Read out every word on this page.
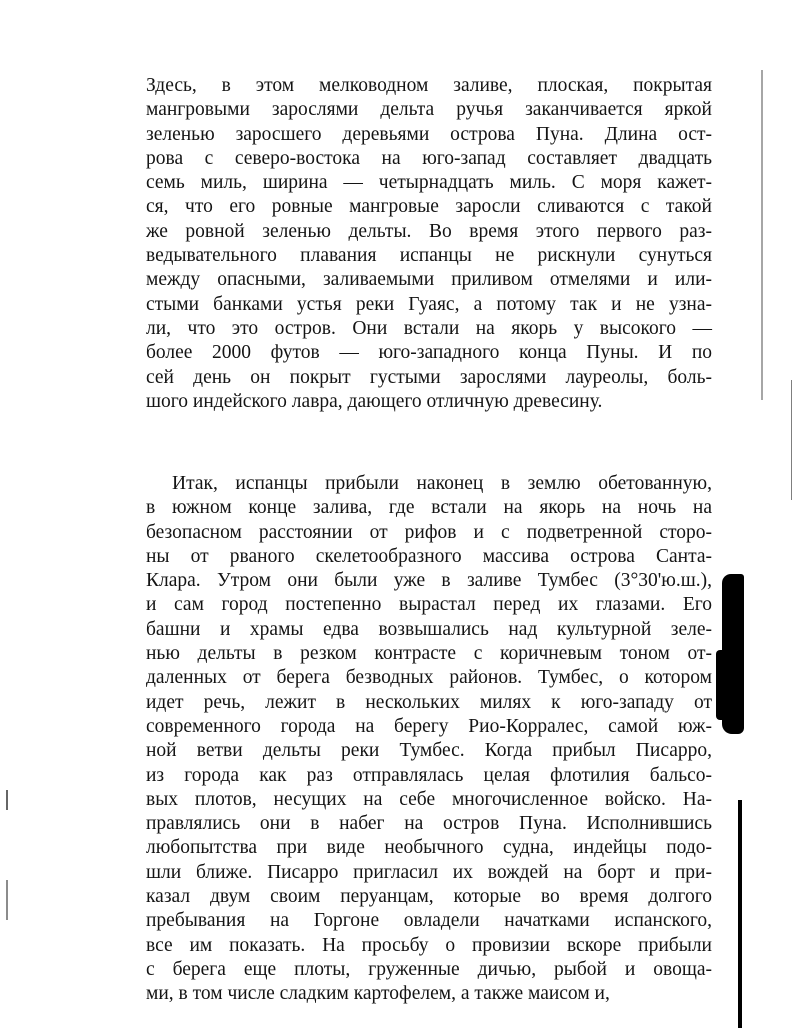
Здесь, в этом мелководном заливе, плоская, покрытая
мангровыми зарослями дельта ручья заканчивается яркой
зеленью заросшего деревьями острова Пуна. Длина ост-
рова с северо-востока на юго-запад составляет двадцать
семь миль, ширина — четырнадцать миль. С моря кажет-
ся, что его ровные мангровые заросли сливаются с такой
же ровной зеленью дельты. Во время этого первого раз-
ведывательного плавания испанцы не рискнули сунуться
между опасными, заливаемыми приливом отмелями и или-
стыми банками устья реки Гуаяс, а потому так и не узна-
ли, что это остров. Они встали на якорь у высокого —
более 2000 футов — юго-западного конца Пуны. И по
сей день он покрыт густыми зарослями лауреолы, боль-
шого индейского лавра, дающего отличную древесину.
Итак, испанцы прибыли наконец в землю обетованную,
в южном конце залива, где встали на якорь на ночь на
безопасном расстоянии от рифов и с подветренной сторо-
ны от рваного скелетообразного массива острова Санта-
Клара. Утром они были уже в заливе Тумбес (3°30'ю.ш.),
и сам город постепенно вырастал перед их глазами. Его
башни и храмы едва возвышались над культурной зеле-
нью дельты в резком контрасте с коричневым тоном от-
даленных от берега безводных районов. Тумбес, о котором
идет речь, лежит в нескольких милях к юго-западу от
современного города на берегу Рио-Корралес, самой юж-
ной ветви дельты реки Тумбес. Когда прибыл Писарро,
из города как раз отправлялась целая флотилия бальсо-
вых плотов, несущих на себе многочисленное войско. На-
правлялись они в набег на остров Пуна. Исполнившись
любопытства при виде необычного судна, индейцы подо-
шли ближе. Писарро пригласил их вождей на борт и при-
казал двум своим перуанцам, которые во время долгого
пребывания на Горгоне овладели начатками испанского,
все им показать. На просьбу о провизии вскоре прибыли
с берега еще плоты, груженные дичью, рыбой и овоща-
ми, в том числе сладким картофелем, а также маисом и,
